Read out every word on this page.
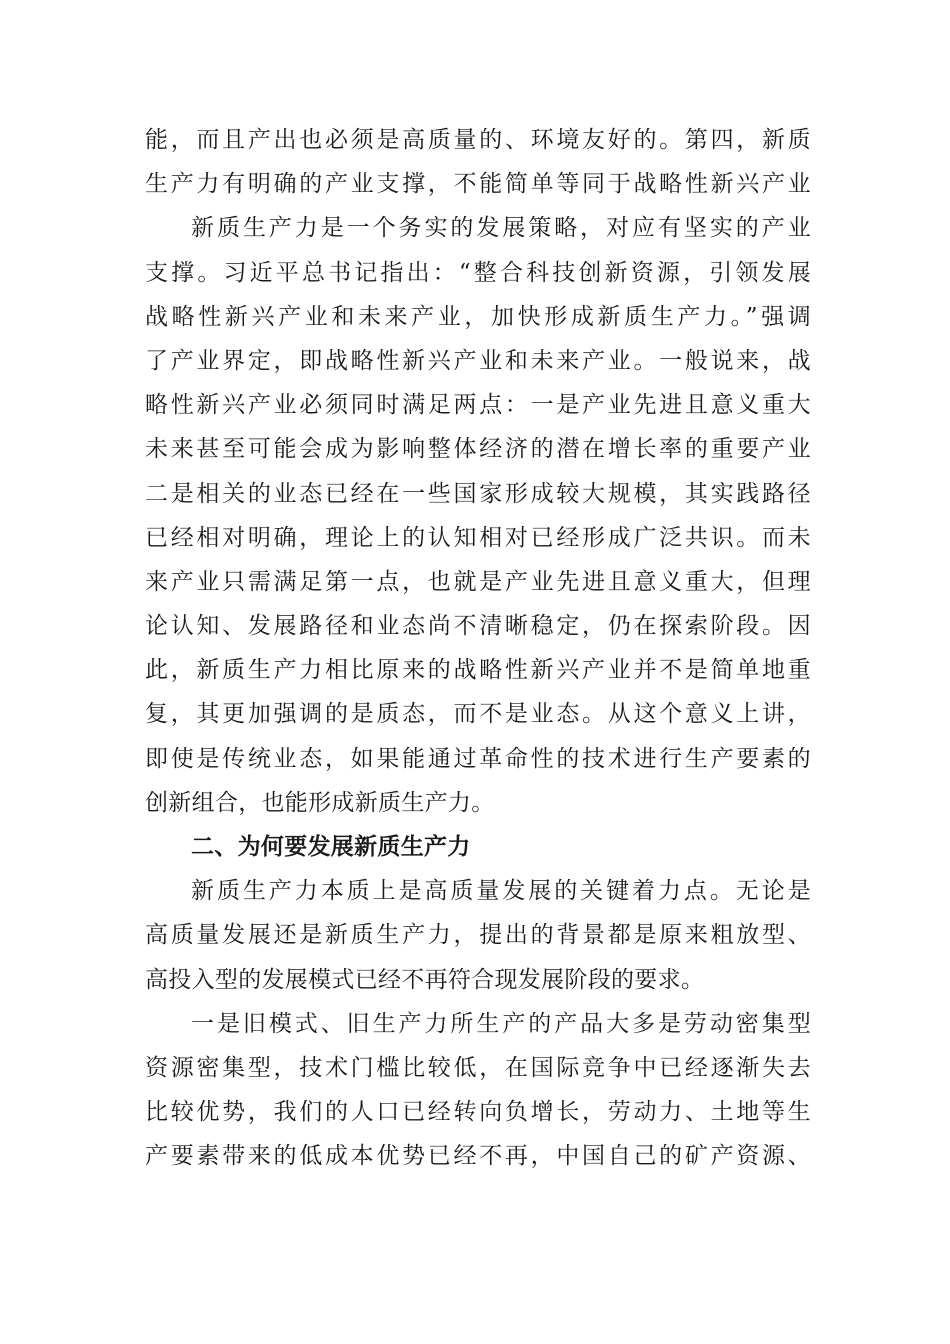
能，而且产出也必须是高质量的、环境友好的。第四，新质
生产力有明确的产业支撑，不能简单等同于战略性新兴产业
新质生产力是一个务实的发展策略，对应有坚实的产业
支撑。习近平总书记指出：“整合科技创新资源，引领发展
战略性新兴产业和未来产业，加快形成新质生产力。”强调
了产业界定，即战略性新兴产业和未来产业。一般说来，战
略性新兴产业必须同时满足两点：一是产业先进且意义重大
未来甚至可能会成为影响整体经济的潜在增长率的重要产业
二是相关的业态已经在一些国家形成较大规模，其实践路径
已经相对明确，理论上的认知相对已经形成广泛共识。而未
来产业只需满足第一点，也就是产业先进且意义重大，但理
论认知、发展路径和业态尚不清晰稳定，仍在探索阶段。因
此，新质生产力相比原来的战略性新兴产业并不是简单地重
复，其更加强调的是质态，而不是业态。从这个意义上讲，
即使是传统业态，如果能通过革命性的技术进行生产要素的
创新组合，也能形成新质生产力。
二、为何要发展新质生产力
新质生产力本质上是高质量发展的关键着力点。无论是
高质量发展还是新质生产力，提出的背景都是原来粗放型、
高投入型的发展模式已经不再符合现发展阶段的要求。
一是旧模式、旧生产力所生产的产品大多是劳动密集型
资源密集型，技术门槛比较低，在国际竞争中已经逐渐失去
比较优势，我们的人口已经转向负增长，劳动力、土地等生
产要素带来的低成本优势已经不再，中国自己的矿产资源、
